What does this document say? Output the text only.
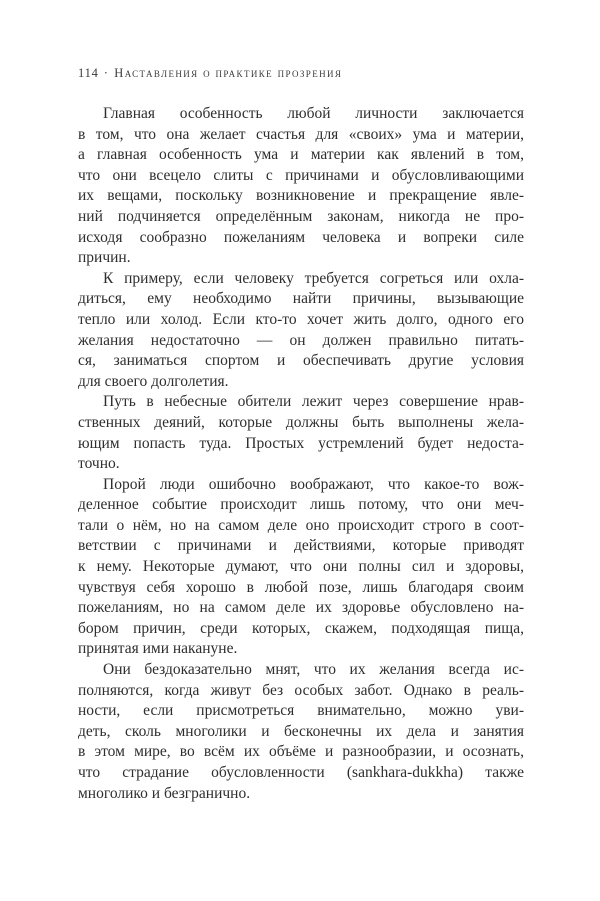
114 · Наставления о практике прозрения
Главная особенность любой личности заключается
в том, что она желает счастья для «своих» ума и материи,
а главная особенность ума и материи как явлений в том,
что они всецело слиты с причинами и обусловливающими
их вещами, поскольку возникновение и прекращение явле-
ний подчиняется определённым законам, никогда не про-
исходя сообразно пожеланиям человека и вопреки силе
причин.
К примеру, если человеку требуется согреться или охла-
диться, ему необходимо найти причины, вызывающие
тепло или холод. Если кто-то хочет жить долго, одного его
желания недостаточно — он должен правильно питать-
ся, заниматься спортом и обеспечивать другие условия
для своего долголетия.
Путь в небесные обители лежит через совершение нрав-
ственных деяний, которые должны быть выполнены жела-
ющим попасть туда. Простых устремлений будет недоста-
точно.
Порой люди ошибочно воображают, что какое-то вож-
деленное событие происходит лишь потому, что они меч-
тали о нём, но на самом деле оно происходит строго в соот-
ветствии с причинами и действиями, которые приводят
к нему. Некоторые думают, что они полны сил и здоровы,
чувствуя себя хорошо в любой позе, лишь благодаря своим
пожеланиям, но на самом деле их здоровье обусловлено на-
бором причин, среди которых, скажем, подходящая пища,
принятая ими накануне.
Они бездоказательно мнят, что их желания всегда ис-
полняются, когда живут без особых забот. Однако в реаль-
ности, если присмотреться внимательно, можно уви-
деть, сколь многолики и бесконечны их дела и занятия
в этом мире, во всём их объёме и разнообразии, и осознать,
что страдание обусловленности (sankhara-dukkha) также
многолико и безгранично.
